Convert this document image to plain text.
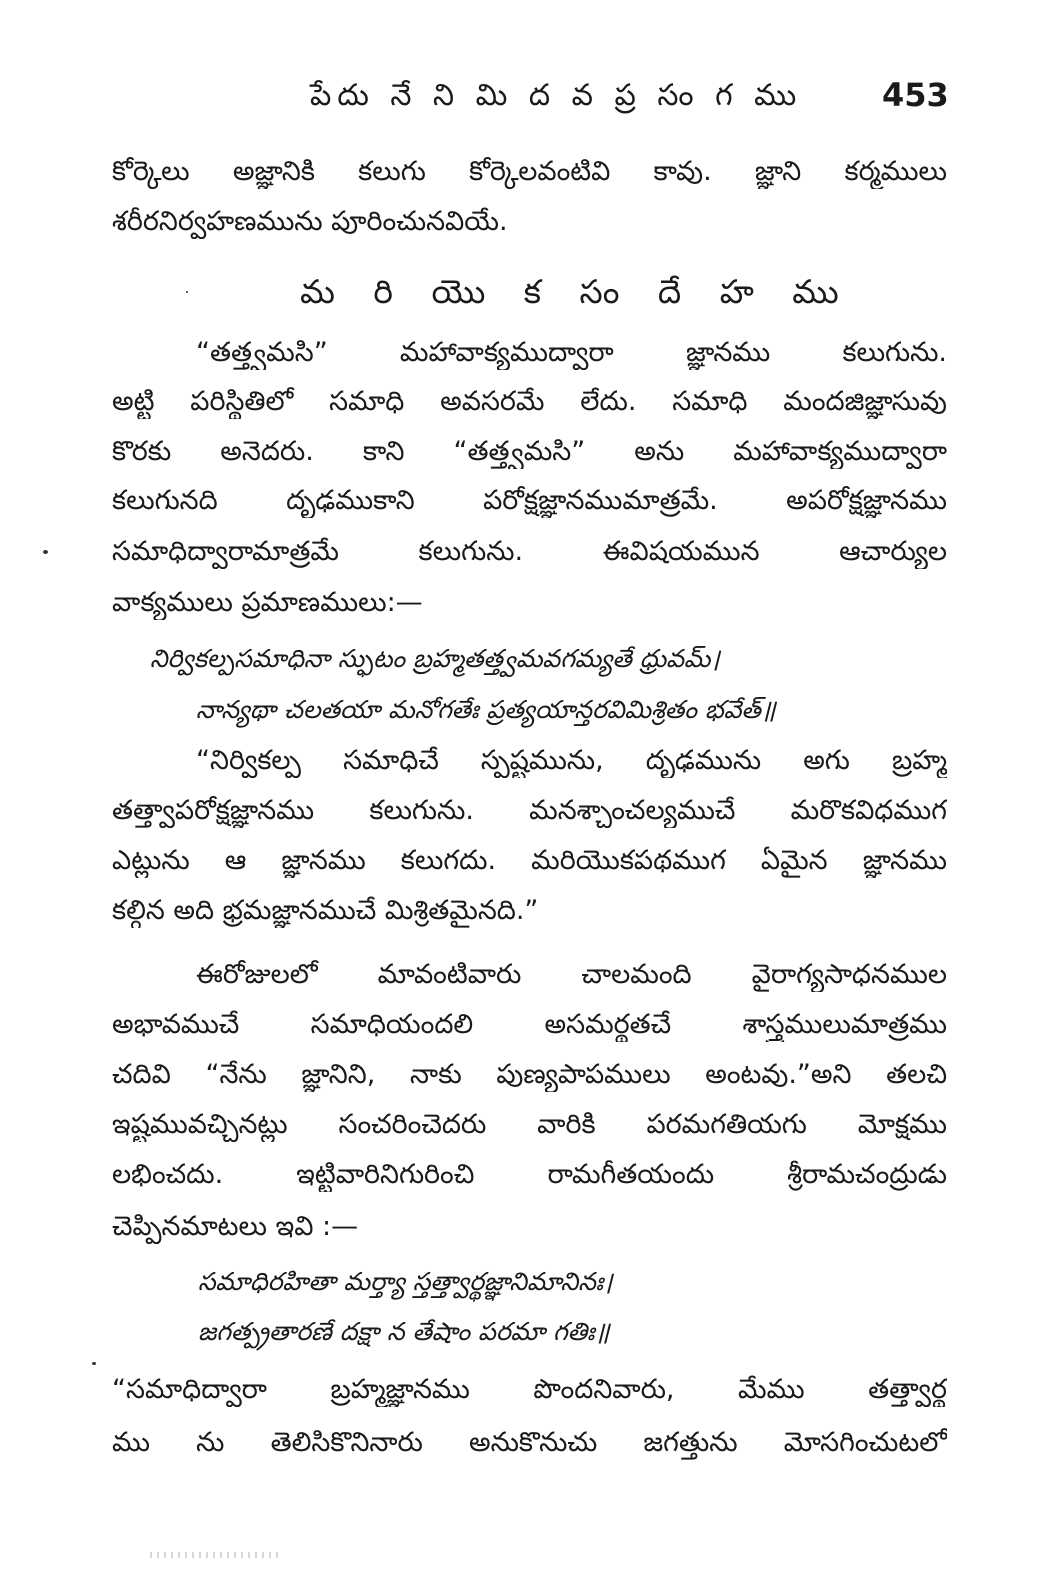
పేదు నే ని మి ద వ ప్ర సం గ ము 453
కోర్కెలు అజ్ఞానికి కలుగు కోర్కెలవంటివి కావు. జ్ఞాని కర్మములు
శరీరనిర్వహణమును పూరించునవియే.
మ రి యొ క సం దే హ ము
“తత్త్వమసి” మహావాక్యముద్వారా జ్ఞానము కలుగును.
అట్టి పరిస్థితిలో సమాధి అవసరమే లేదు. సమాధి మందజిజ్ఞాసువు
కొరకు అనెదరు. కాని “తత్త్వమసి” అను మహావాక్యముద్వారా
కలుగునది దృఢముకాని పరోక్షజ్ఞానముమాత్రమే. అపరోక్షజ్ఞానము
సమాధిద్వారామాత్రమే కలుగును. ఈవిషయమున ఆచార్యుల
వాక్యములు ప్రమాణములు:—
నిర్వికల్పసమాధినా స్ఫుటం బ్రహ్మతత్త్వమవగమ్యతే ధ్రువమ్।
నాన్యథా చలతయా మనోగతేః ప్రత్యయాన్తరవిమిశ్రితం భవేత్॥
“నిర్వికల్ప సమాధిచే స్పష్టమును, దృఢమును అగు బ్రహ్మ
తత్త్వాపరోక్షజ్ఞానము కలుగును. మనశ్చాంచల్యముచే మరొకవిధముగ
ఎట్లును ఆ జ్ఞానము కలుగదు. మరియొకపథముగ ఏమైన జ్ఞానము
కల్గిన అది భ్రమజ్ఞానముచే మిశ్రితమైనది.”
ఈరోజులలో మావంటివారు చాలమంది వైరాగ్యసాధనముల
అభావముచే సమాధియందలి అసమర్థతచే శాస్త్రములుమాత్రము
చదివి “నేను జ్ఞానిని, నాకు పుణ్యపాపములు అంటవు.”అని తలచి
ఇష్టమువచ్చినట్లు సంచరించెదరు వారికి పరమగతియగు మోక్షము
లభించదు. ఇట్టివారినిగురించి రామగీతయందు శ్రీరామచంద్రుడు
చెప్పినమాటలు ఇవి :—
సమాధిరహితా మర్త్యా స్తత్త్వార్థజ్ఞానిమానినః।
జగత్ప్రతారణే దక్షా న తేషాం పరమా గతిః॥
“సమాధిద్వారా బ్రహ్మజ్ఞానము పొందనివారు, మేము తత్త్వార్థ
ము ను తెలిసికొనినారు అనుకొనుచు జగత్తును మోసగించుటలో
